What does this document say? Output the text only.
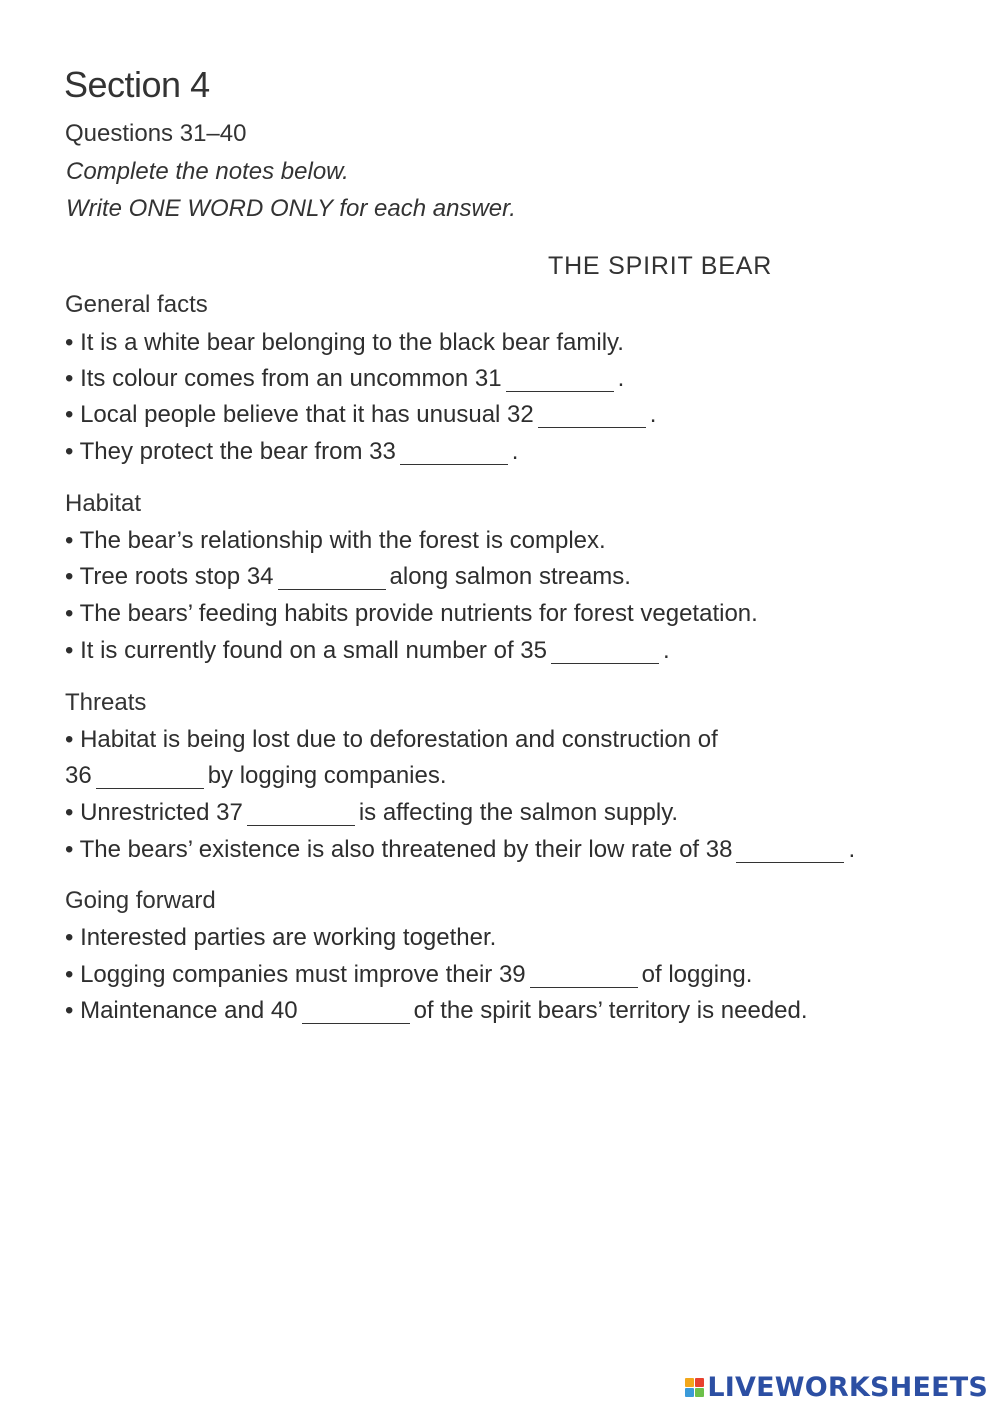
Section 4
Questions 31–40
Complete the notes below.
Write ONE WORD ONLY for each answer.
THE SPIRIT BEAR
General facts
• It is a white bear belonging to the black bear family.
• Its colour comes from an uncommon 31	.
• Local people believe that it has unusual 32	.
• They protect the bear from 33	.
Habitat
• The bear’s relationship with the forest is complex.
• Tree roots stop 34	along salmon streams.
• The bears’ feeding habits provide nutrients for forest vegetation.
• It is currently found on a small number of 35	.
Threats
• Habitat is being lost due to deforestation and construction of
36	by logging companies.
• Unrestricted 37	is affecting the salmon supply.
• The bears’ existence is also threatened by their low rate of 38	.
Going forward
• Interested parties are working together.
• Logging companies must improve their 39	of logging.
• Maintenance and 40	of the spirit bears’ territory is needed.
LIVEWORKSHEETS
